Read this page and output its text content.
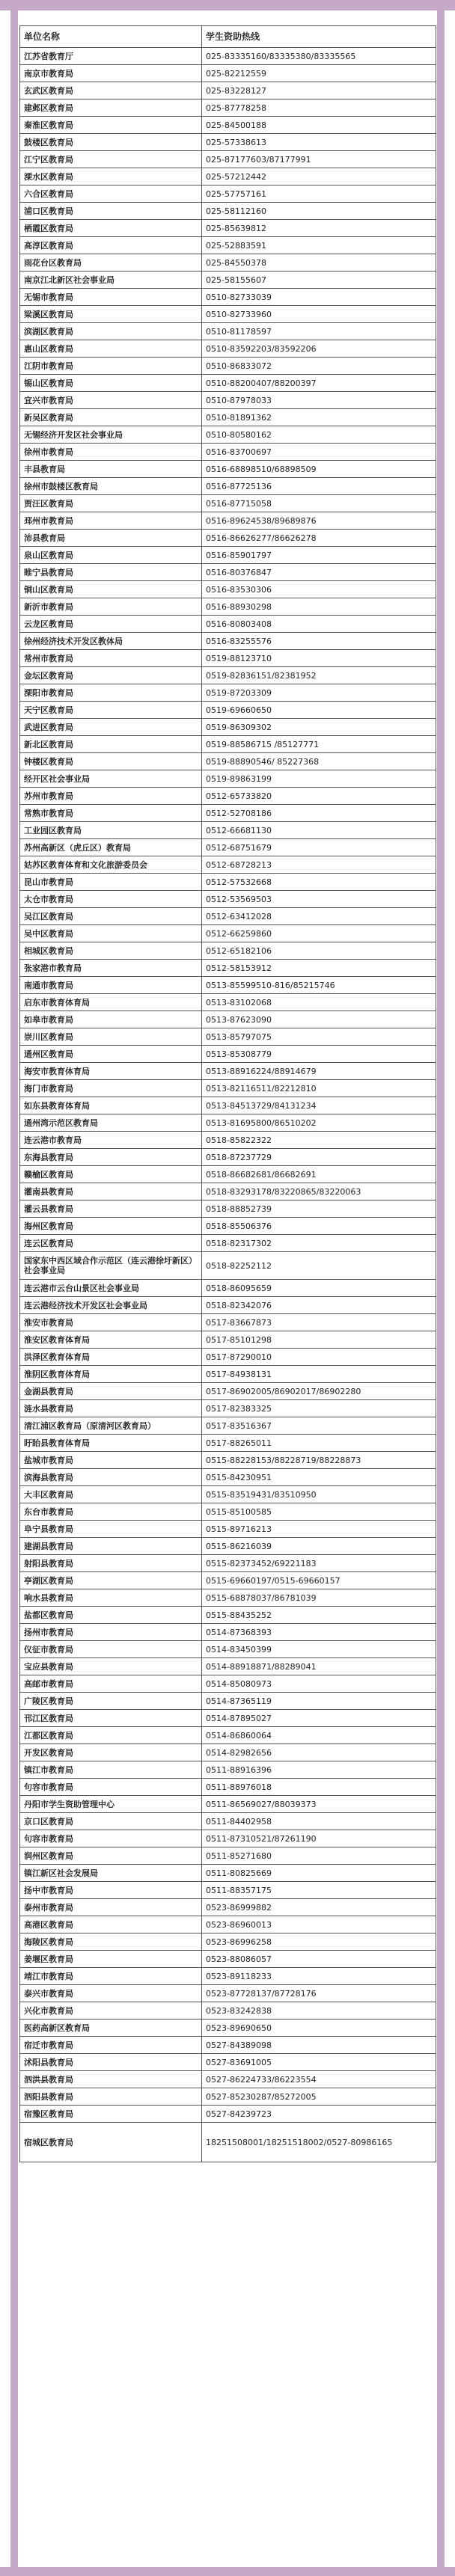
单位名称	学生资助热线
江苏省教育厅	025-83335160/83335380/83335565
南京市教育局	025-82212559
玄武区教育局	025-83228127
建邺区教育局	025-87778258
秦淮区教育局	025-84500188
鼓楼区教育局	025-57338613
江宁区教育局	025-87177603/87177991
溧水区教育局	025-57212442
六合区教育局	025-57757161
浦口区教育局	025-58112160
栖霞区教育局	025-85639812
高淳区教育局	025-52883591
雨花台区教育局	025-84550378
南京江北新区社会事业局	025-58155607
无锡市教育局	0510-82733039
梁溪区教育局	0510-82733960
滨湖区教育局	0510-81178597
惠山区教育局	0510-83592203/83592206
江阴市教育局	0510-86833072
锡山区教育局	0510-88200407/88200397
宜兴市教育局	0510-87978033
新吴区教育局	0510-81891362
无锡经济开发区社会事业局	0510-80580162
徐州市教育局	0516-83700697
丰县教育局	0516-68898510/68898509
徐州市鼓楼区教育局	0516-87725136
贾汪区教育局	0516-87715058
邳州市教育局	0516-89624538/89689876
沛县教育局	0516-86626277/86626278
泉山区教育局	0516-85901797
睢宁县教育局	0516-80376847
铜山区教育局	0516-83530306
新沂市教育局	0516-88930298
云龙区教育局	0516-80803408
徐州经济技术开发区教体局	0516-83255576
常州市教育局	0519-88123710
金坛区教育局	0519-82836151/82381952
溧阳市教育局	0519-87203309
天宁区教育局	0519-69660650
武进区教育局	0519-86309302
新北区教育局	0519-88586715 /85127771
钟楼区教育局	0519-88890546/ 85227368
经开区社会事业局	0519-89863199
苏州市教育局	0512-65733820
常熟市教育局	0512-52708186
工业园区教育局	0512-66681130
苏州高新区（虎丘区）教育局	0512-68751679
姑苏区教育体育和文化旅游委员会	0512-68728213
昆山市教育局	0512-57532668
太仓市教育局	0512-53569503
吴江区教育局	0512-63412028
吴中区教育局	0512-66259860
相城区教育局	0512-65182106
张家港市教育局	0512-58153912
南通市教育局	0513-85599510-816/85215746
启东市教育体育局	0513-83102068
如皋市教育局	0513-87623090
崇川区教育局	0513-85797075
通州区教育局	0513-85308779
海安市教育体育局	0513-88916224/88914679
海门市教育局	0513-82116511/82212810
如东县教育体育局	0513-84513729/84131234
通州湾示范区教育局	0513-81695800/86510202
连云港市教育局	0518-85822322
东海县教育局	0518-87237729
赣榆区教育局	0518-86682681/86682691
灌南县教育局	0518-83293178/83220865/83220063
灌云县教育局	0518-88852739
海州区教育局	0518-85506376
连云区教育局	0518-82317302
国家东中西区域合作示范区（连云港徐圩新区）社会事业局	0518-82252112
连云港市云台山景区社会事业局	0518-86095659
连云港经济技术开发区社会事业局	0518-82342076
淮安市教育局	0517-83667873
淮安区教育体育局	0517-85101298
洪泽区教育体育局	0517-87290010
淮阴区教育体育局	0517-84938131
金湖县教育局	0517-86902005/86902017/86902280
涟水县教育局	0517-82383325
清江浦区教育局（原清河区教育局）	0517-83516367
盱眙县教育体育局	0517-88265011
盐城市教育局	0515-88228153/88228719/88228873
滨海县教育局	0515-84230951
大丰区教育局	0515-83519431/83510950
东台市教育局	0515-85100585
阜宁县教育局	0515-89716213
建湖县教育局	0515-86216039
射阳县教育局	0515-82373452/69221183
亭湖区教育局	0515-69660197/0515-69660157
响水县教育局	0515-68878037/86781039
盐都区教育局	0515-88435252
扬州市教育局	0514-87368393
仪征市教育局	0514-83450399
宝应县教育局	0514-88918871/88289041
高邮市教育局	0514-85080973
广陵区教育局	0514-87365119
邗江区教育局	0514-87895027
江都区教育局	0514-86860064
开发区教育局	0514-82982656
镇江市教育局	0511-88916396
句容市教育局	0511-88976018
丹阳市学生资助管理中心	0511-86569027/88039373
京口区教育局	0511-84402958
句容市教育局	0511-87310521/87261190
润州区教育局	0511-85271680
镇江新区社会发展局	0511-80825669
扬中市教育局	0511-88357175
泰州市教育局	0523-86999882
高港区教育局	0523-86960013
海陵区教育局	0523-86996258
姜堰区教育局	0523-88086057
靖江市教育局	0523-89118233
泰兴市教育局	0523-87728137/87728176
兴化市教育局	0523-83242838
医药高新区教育局	0523-89690650
宿迁市教育局	0527-84389098
沭阳县教育局	0527-83691005
泗洪县教育局	0527-86224733/86223554
泗阳县教育局	0527-85230287/85272005
宿豫区教育局	0527-84239723
宿城区教育局	18251508001/18251518002/0527-80986165
